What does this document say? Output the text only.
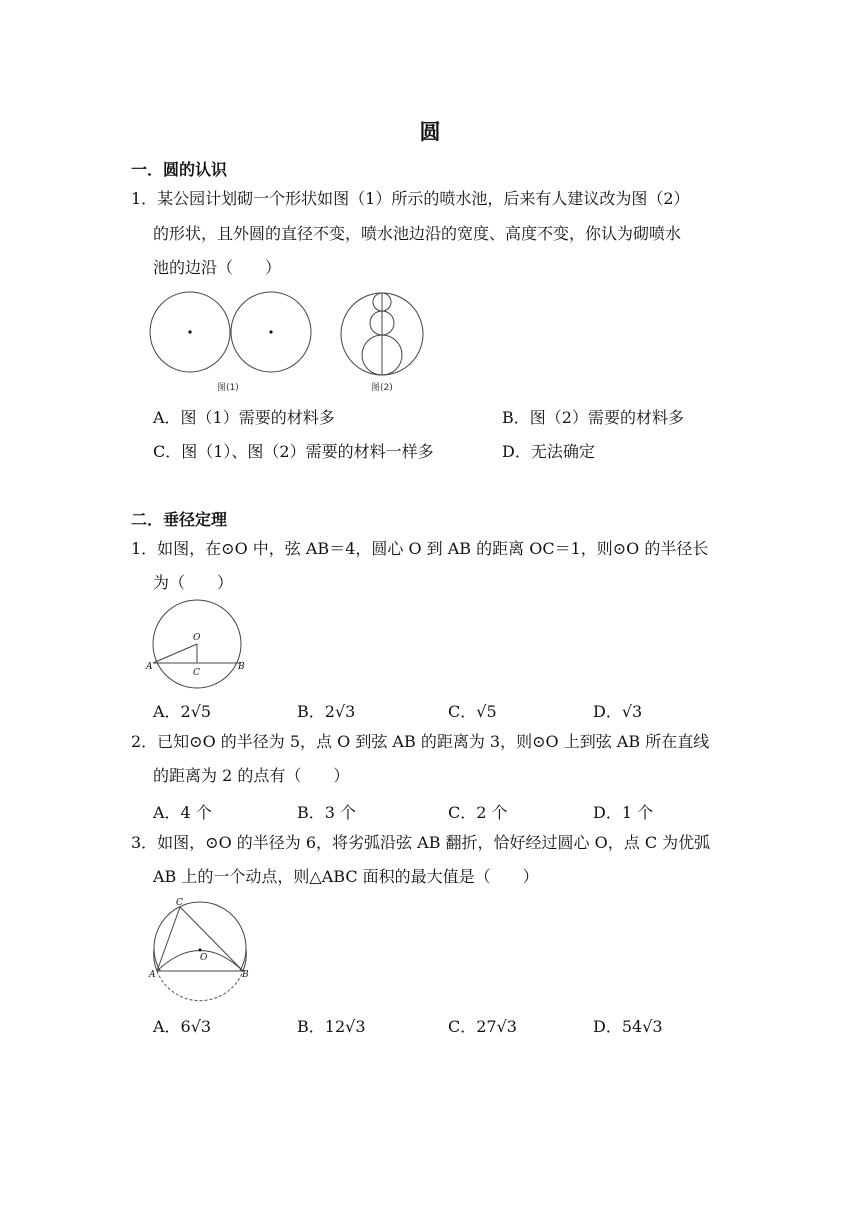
圆
一．圆的认识
1．某公园计划砌一个形状如图（1）所示的喷水池，后来有人建议改为图（2）
的形状，且外圆的直径不变，喷水池边沿的宽度、高度不变，你认为砌喷水
池的边沿（　　）
图(1)	图(2)
A．图（1）需要的材料多	B．图（2）需要的材料多
C．图（1）、图（2）需要的材料一样多	D．无法确定
二．垂径定理
1．如图，在⊙O 中，弦 AB＝4，圆心 O 到 AB 的距离 OC＝1，则⊙O 的半径长
为（　　）
O
A	B
C
A．2√5	B．2√3	C．√5	D．√3
2．已知⊙O 的半径为 5，点 O 到弦 AB 的距离为 3，则⊙O 上到弦 AB 所在直线
的距离为 2 的点有（　　）
A．4 个	B．3 个	C．2 个	D．1 个
3．如图，⊙O 的半径为 6，将劣弧沿弦 AB 翻折，恰好经过圆心 O，点 C 为优弧
AB 上的一个动点，则△ABC 面积的最大值是（　　）
O
C
A	B
A．6√3	B．12√3	C．27√3	D．54√3
